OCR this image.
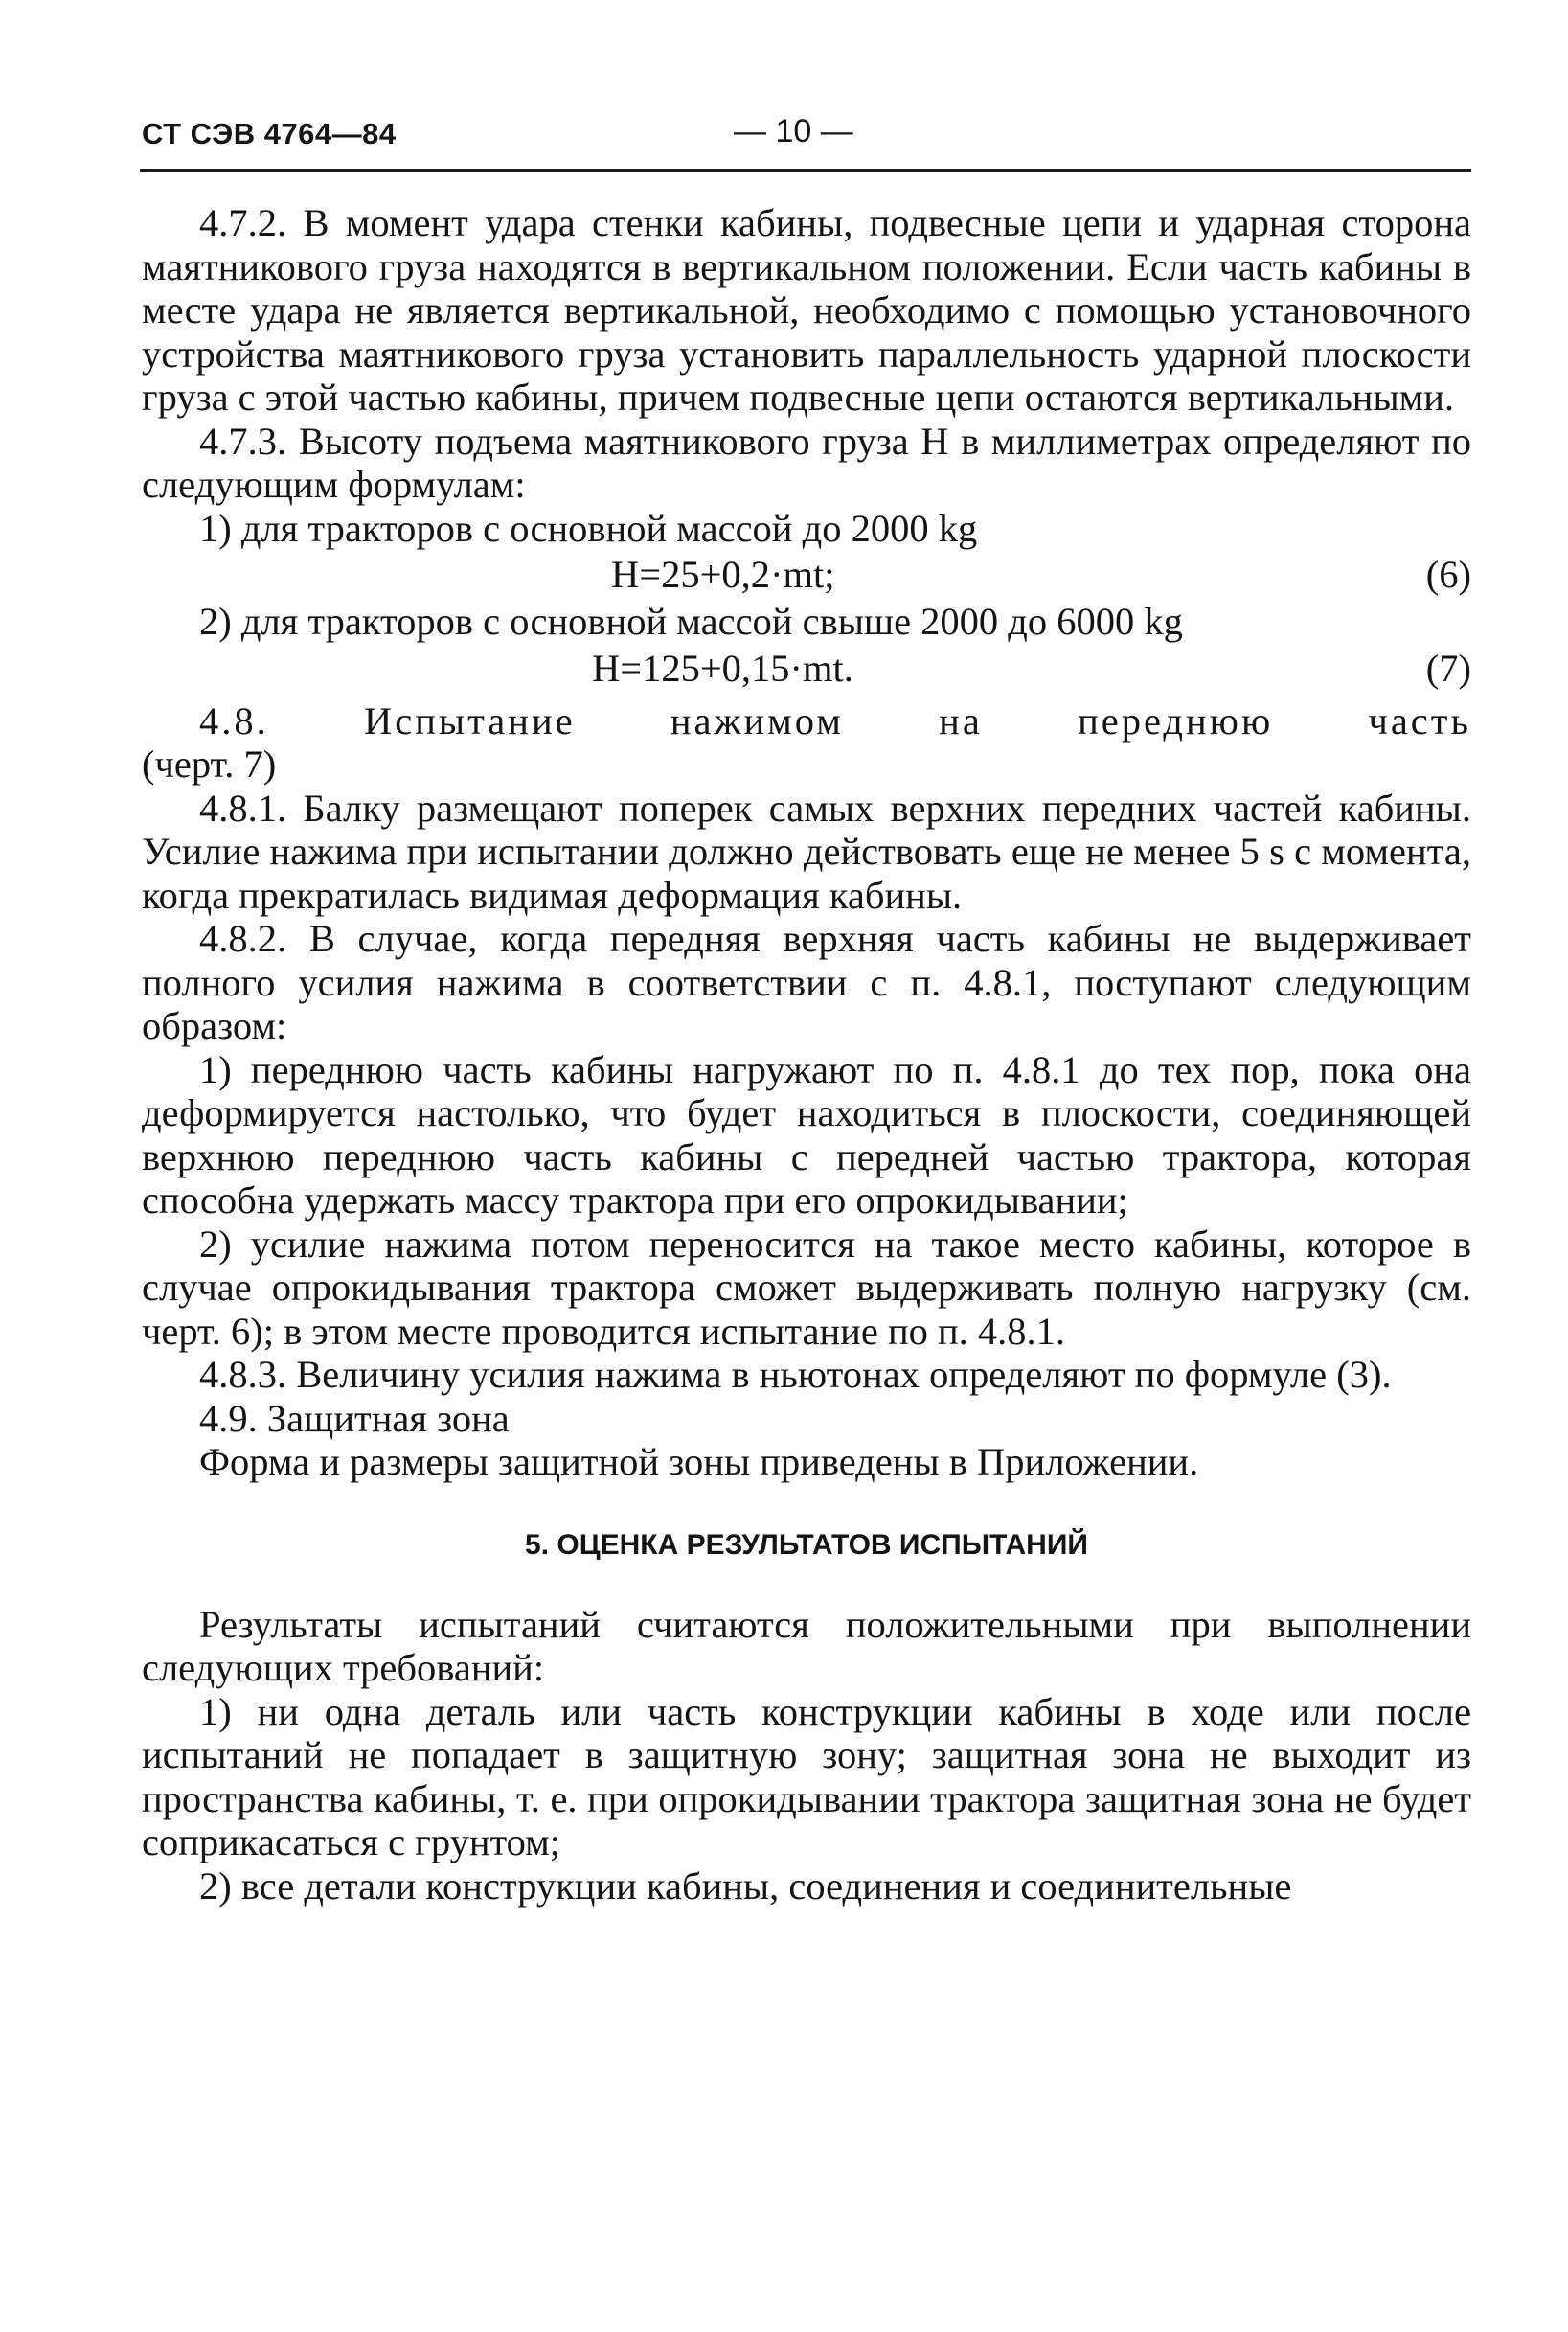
СТ СЭВ 4764—84	— 10 —

4.7.2. В момент удара стенки кабины, подвесные цепи и ударная сторона маятникового груза находятся в вертикальном положении. Если часть кабины в месте удара не является вертикальной, необходимо с помощью установочного устройства маятникового груза установить параллельность ударной плоскости груза с этой частью кабины, причем подвесные цепи остаются вертикальными.

4.7.3. Высоту подъема маятникового груза H в миллиметрах определяют по следующим формулам:

1) для тракторов с основной массой до 2000 kg

H=25+0,2·mt;	(6)

2) для тракторов с основной массой свыше 2000 до 6000 kg

H=125+0,15·mt.	(7)
4.8. Испытание нажимом на переднюю часть

(черт. 7)

4.8.1. Балку размещают поперек самых верхних передних частей кабины. Усилие нажима при испытании должно действовать еще не менее 5 s с момента, когда прекратилась видимая деформация кабины.

4.8.2. В случае, когда передняя верхняя часть кабины не выдерживает полного усилия нажима в соответствии с п. 4.8.1, поступают следующим образом:

1) переднюю часть кабины нагружают по п. 4.8.1 до тех пор, пока она деформируется настолько, что будет находиться в плоскости, соединяющей верхнюю переднюю часть кабины с передней частью трактора, которая способна удержать массу трактора при его опрокидывании;

2) усилие нажима потом переносится на такое место кабины, которое в случае опрокидывания трактора сможет выдерживать полную нагрузку (см. черт. 6); в этом месте проводится испытание по п. 4.8.1.

4.8.3. Величину усилия нажима в ньютонах определяют по формуле (3).

4.9. Защитная зона

Форма и размеры защитной зоны приведены в Приложении.

5. ОЦЕНКА РЕЗУЛЬТАТОВ ИСПЫТАНИЙ

Результаты испытаний считаются положительными при выполнении следующих требований:

1) ни одна деталь или часть конструкции кабины в ходе или после испытаний не попадает в защитную зону; защитная зона не выходит из пространства кабины, т. е. при опрокидывании трактора защитная зона не будет соприкасаться с грунтом;

2) все детали конструкции кабины, соединения и соединительные
